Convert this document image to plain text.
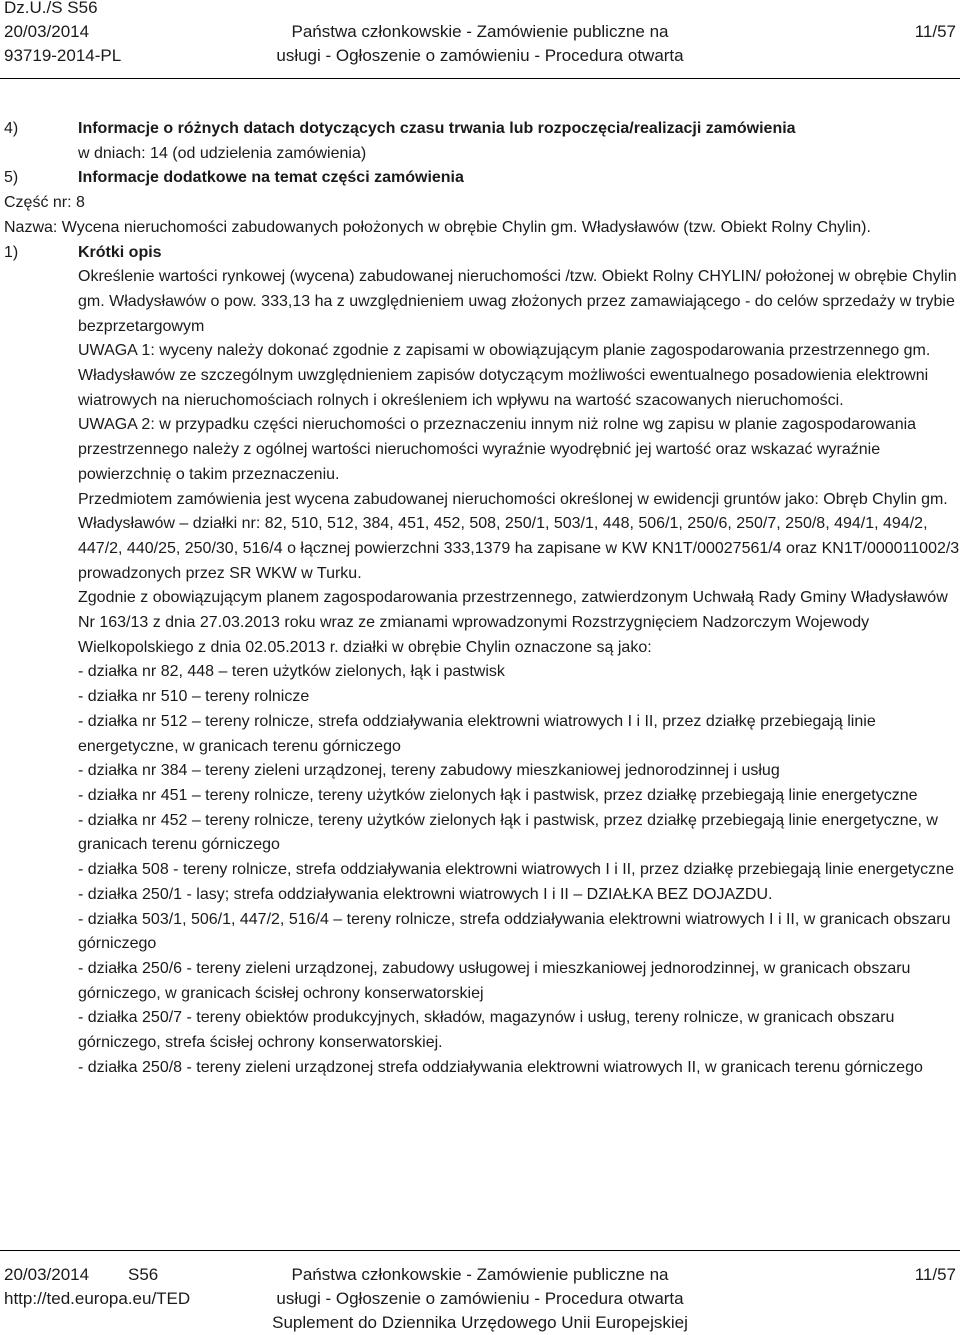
Dz.U./S S56
20/03/2014
93719-2014-PL
Państwa członkowskie - Zamówienie publiczne na
usługi - Ogłoszenie o zamówieniu - Procedura otwarta
11/57
4)	Informacje o różnych datach dotyczących czasu trwania lub rozpoczęcia/realizacji zamówienia

w dniach: 14 (od udzielenia zamówienia)

5)	Informacje dodatkowe na temat części zamówienia

Część nr: 8

Nazwa: Wycena nieruchomości zabudowanych położonych w obrębie Chylin gm. Władysławów (tzw. Obiekt Rolny Chylin).

1)	Krótki opis

Określenie wartości rynkowej (wycena) zabudowanej nieruchomości /tzw. Obiekt Rolny CHYLIN/ położonej w obrębie Chylin gm. Władysławów o pow. 333,13 ha z uwzględnieniem uwag złożonych przez zamawiającego - do celów sprzedaży w trybie bezprzetargowym

UWAGA 1: wyceny należy dokonać zgodnie z zapisami w obowiązującym planie zagospodarowania przestrzennego gm. Władysławów ze szczególnym uwzględnieniem zapisów dotyczącym możliwości ewentualnego posadowienia elektrowni wiatrowych na nieruchomościach rolnych i określeniem ich wpływu na wartość szacowanych nieruchomości.

UWAGA 2: w przypadku części nieruchomości o przeznaczeniu innym niż rolne wg zapisu w planie zagospodarowania przestrzennego należy z ogólnej wartości nieruchomości wyraźnie wyodrębnić jej wartość oraz wskazać wyraźnie powierzchnię o takim przeznaczeniu.

Przedmiotem zamówienia jest wycena zabudowanej nieruchomości określonej w ewidencji gruntów jako: Obręb Chylin gm. Władysławów – działki nr: 82, 510, 512, 384, 451, 452, 508, 250/1, 503/1, 448, 506/1, 250/6, 250/7, 250/8, 494/1, 494/2, 447/2, 440/25, 250/30, 516/4 o łącznej powierzchni 333,1379 ha zapisane w KW KN1T/00027561/4 oraz KN1T/000011002/3 prowadzonych przez SR WKW w Turku.

Zgodnie z obowiązującym planem zagospodarowania przestrzennego, zatwierdzonym Uchwałą Rady Gminy Władysławów Nr 163/13 z dnia 27.03.2013 roku wraz ze zmianami wprowadzonymi Rozstrzygnięciem Nadzorczym Wojewody Wielkopolskiego z dnia 02.05.2013 r. działki w obrębie Chylin oznaczone są jako:

- działka nr 82, 448 – teren użytków zielonych, łąk i pastwisk

- działka nr 510 – tereny rolnicze

- działka nr 512 – tereny rolnicze, strefa oddziaływania elektrowni wiatrowych I i II, przez działkę przebiegają linie energetyczne, w granicach terenu górniczego

- działka nr 384 – tereny zieleni urządzonej, tereny zabudowy mieszkaniowej jednorodzinnej i usług

- działka nr 451 – tereny rolnicze, tereny użytków zielonych łąk i pastwisk, przez działkę przebiegają linie energetyczne

- działka nr 452 – tereny rolnicze, tereny użytków zielonych łąk i pastwisk, przez działkę przebiegają linie energetyczne, w granicach terenu górniczego

- działka 508 - tereny rolnicze, strefa oddziaływania elektrowni wiatrowych I i II, przez działkę przebiegają linie energetyczne

- działka 250/1 - lasy; strefa oddziaływania elektrowni wiatrowych I i II – DZIAŁKA BEZ DOJAZDU.

- działka 503/1, 506/1, 447/2, 516/4 – tereny rolnicze, strefa oddziaływania elektrowni wiatrowych I i II, w granicach obszaru górniczego

- działka 250/6 - tereny zieleni urządzonej, zabudowy usługowej i mieszkaniowej jednorodzinnej, w granicach obszaru górniczego, w granicach ścisłej ochrony konserwatorskiej

- działka 250/7 - tereny obiektów produkcyjnych, składów, magazynów i usług, tereny rolnicze, w granicach obszaru górniczego, strefa ścisłej ochrony konserwatorskiej.

- działka 250/8 - tereny zieleni urządzonej strefa oddziaływania elektrowni wiatrowych II, w granicach terenu górniczego

20/03/2014 S56
http://ted.europa.eu/TED
Państwa członkowskie - Zamówienie publiczne na
usługi - Ogłoszenie o zamówieniu - Procedura otwarta
Suplement do Dziennika Urzędowego Unii Europejskiej
11/57
